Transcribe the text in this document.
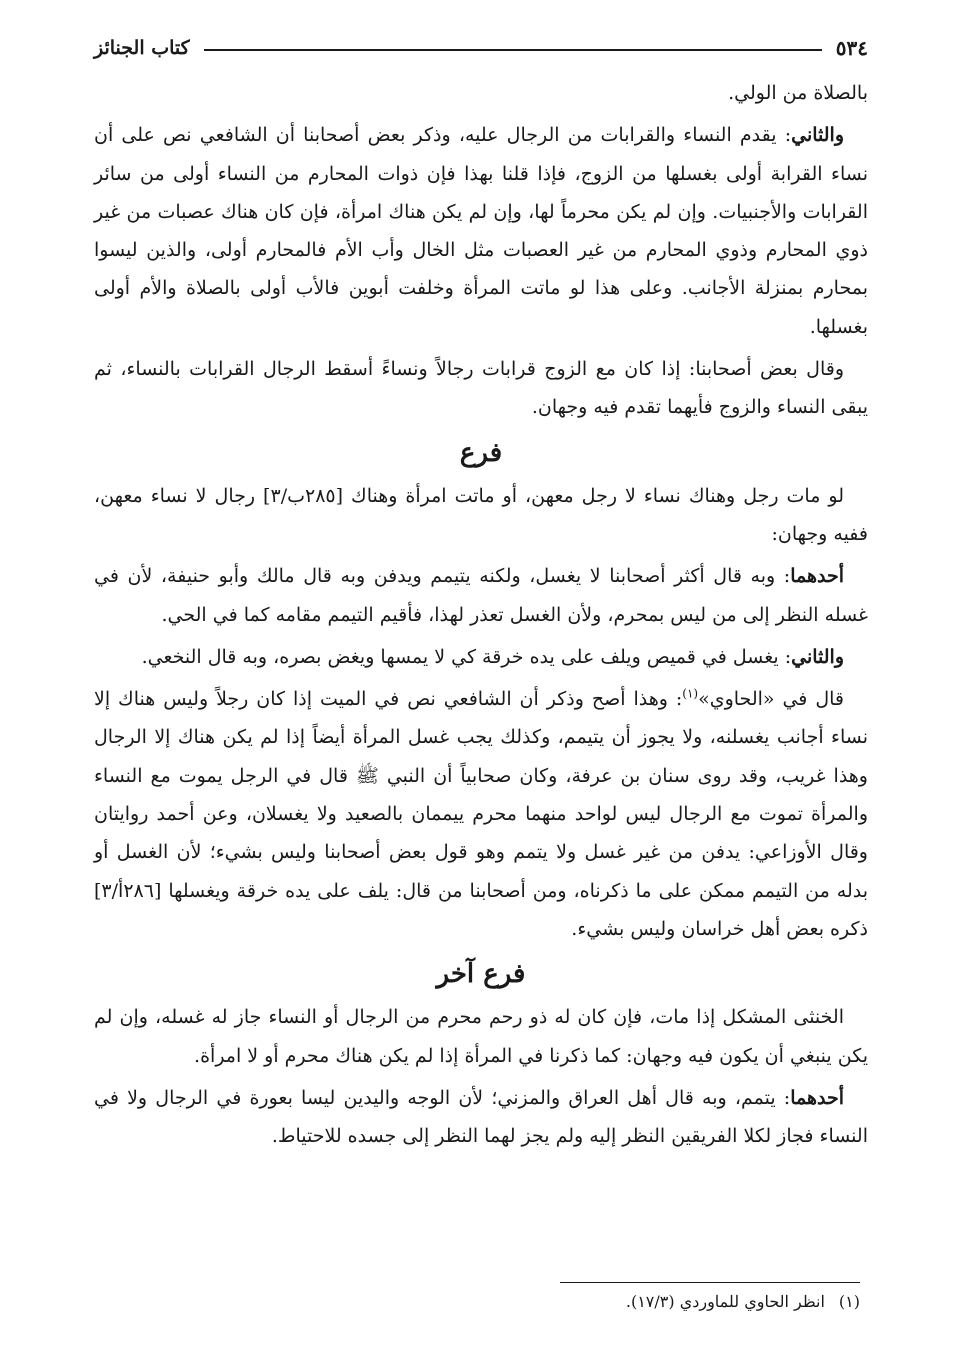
٥٣٤
كتاب الجنائز

بالصلاة من الولي.

والثاني: يقدم النساء والقرابات من الرجال عليه، وذكر بعض أصحابنا أن الشافعي نص على أن نساء القرابة أولى بغسلها من الزوج، فإذا قلنا بهذا فإن ذوات المحارم من النساء أولى من سائر القرابات والأجنبيات. وإن لم يكن محرماً لها، وإن لم يكن هناك امرأة، فإن كان هناك عصبات من غير ذوي المحارم وذوي المحارم من غير العصبات مثل الخال وأب الأم فالمحارم أولى، والذين ليسوا بمحارم بمنزلة الأجانب. وعلى هذا لو ماتت المرأة وخلفت أبوين فالأب أولى بالصلاة والأم أولى بغسلها.

وقال بعض أصحابنا: إذا كان مع الزوج قرابات رجالاً ونساءً أسقط الرجال القرابات بالنساء، ثم يبقى النساء والزوج فأيهما تقدم فيه وجهان.

فرع

لو مات رجل وهناك نساء لا رجل معهن، أو ماتت امرأة وهناك [٢٨٥ب/٣] رجال لا نساء معهن، ففيه وجهان:

أحدهما: وبه قال أكثر أصحابنا لا يغسل، ولكنه يتيمم ويدفن وبه قال مالك وأبو حنيفة، لأن في غسله النظر إلى من ليس بمحرم، ولأن الغسل تعذر لهذا، فأقيم التيمم مقامه كما في الحي.

والثاني: يغسل في قميص ويلف على يده خرقة كي لا يمسها ويغض بصره، وبه قال النخعي.

قال في «الحاوي»$^{(١)}$: وهذا أصح وذكر أن الشافعي نص في الميت إذا كان رجلاً وليس هناك إلا نساء أجانب يغسلنه، ولا يجوز أن يتيمم، وكذلك يجب غسل المرأة أيضاً إذا لم يكن هناك إلا الرجال وهذا غريب، وقد روى سنان بن عرفة، وكان صحابياً أن النبي ﷺ قال في الرجل يموت مع النساء والمرأة تموت مع الرجال ليس لواحد منهما محرم ييممان بالصعيد ولا يغسلان، وعن أحمد روايتان وقال الأوزاعي: يدفن من غير غسل ولا يتمم وهو قول بعض أصحابنا وليس بشيء؛ لأن الغسل أو بدله من التيمم ممكن على ما ذكرناه، ومن أصحابنا من قال: يلف على يده خرقة ويغسلها [٢٨٦أ/٣] ذكره بعض أهل خراسان وليس بشيء.

فرع آخر

الخنثى المشكل إذا مات، فإن كان له ذو رحم محرم من الرجال أو النساء جاز له غسله، وإن لم يكن ينبغي أن يكون فيه وجهان: كما ذكرنا في المرأة إذا لم يكن هناك محرم أو لا امرأة.

أحدهما: يتمم، وبه قال أهل العراق والمزني؛ لأن الوجه واليدين ليسا بعورة في الرجال ولا في النساء فجاز لكلا الفريقين النظر إليه ولم يجز لهما النظر إلى جسده للاحتياط.

(١)انظر الحاوي للماوردي (١٧/٣).
